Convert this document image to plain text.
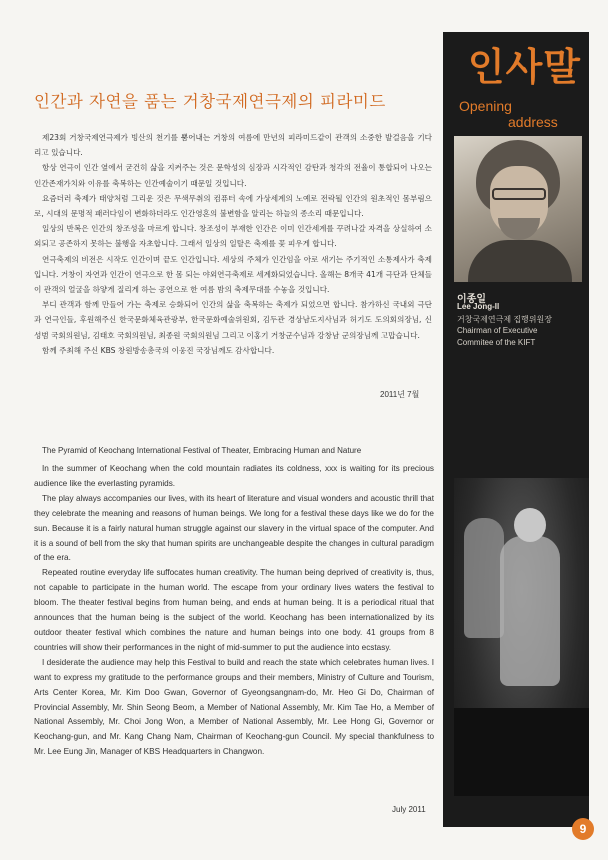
인간과 자연을 품는 거창국제연극제의 피라미드

제23회 거창국제연극제가 빙산의 천기를 뿜어내는 거창의 여름에 만년의 피라미드같이 관객의 소중한 발걸음을 기다리고 있습니다.

항상 연극이 인간 옆에서 굳건히 삶을 지켜주는 것은 문학성의 심장과 시각적인 감탄과 청각의 전율이 통합되어 나오는 인간존재가치와 이유를 축복하는 인간예술이기 때문일 것입니다.

요즘더러 축제가 태양처럼 그리운 것은 무색무취의 컴퓨터 속에 가상세계의 노예로 전락될 인간의 원초적인 몸부림으로, 시대의 문명적 패러다임이 변화하더라도 인간영혼의 불변함을 알리는 하늘의 종소리 때문입니다.

일상의 반복은 인간의 창조성을 마르게 합니다. 창조성이 부재한 인간은 이미 인간세계를 꾸려나갈 자격을 상실하여 소외되고 공존하지 못하는 불행을 자초합니다. 그래서 일상의 일탈은 축제를 꽃 피우게 합니다.

연극축제의 비전은 시작도 인간이며 끝도 인간입니다. 세상의 주체가 인간임을 아로 새기는 주기적인 소통제사가 축제입니다. 거창이 자연과 인간이 연극으로 한 몸 되는 야외연극축제로 세계화되었습니다. 올해는 8개국 41개 극단과 단체들이 관객의 얼굴을 하얗게 질리게 하는 공연으로 한 여름 밤의 축제무대를 수놓을 것입니다.

부디 관객과 함께 만들어 가는 축제로 승화되어 인간의 삶을 축복하는 축제가 되었으면 합니다. 참가하신 국내외 극단과 연극인들, 후원해주신 한국문화체육관광부, 한국문화예술위원회, 김두관 경상남도지사님과 허기도 도의회의장님, 신성범 국회의원님, 김태호 국회의원님, 최종원 국회의원님 그리고 이홍기 거창군수님과 강창남 군의장님께 고맙습니다.

함께 주최해 주신 KBS 창원방송총국의 이웅진 국장님께도 감사합니다.

2011년 7월
The Pyramid of Keochang International Festival of Theater, Embracing Human and Nature

In the summer of Keochang when the cold mountain radiates its coldness, xxx is waiting for its precious audience like the everlasting pyramids.

The play always accompanies our lives, with its heart of literature and visual wonders and acoustic thrill that they celebrate the meaning and reasons of human beings. We long for a festival these days like we do for the sun. Because it is a fairly natural human struggle against our slavery in the virtual space of the computer. And it is a sound of bell from the sky that human spirits are unchangeable despite the changes in cultural paradigm of the era.

Repeated routine everyday life suffocates human creativity. The human being deprived of creativity is, thus, not capable to participate in the human world. The escape from your ordinary lives waters the festival to bloom. The theater festival begins from human being, and ends at human being. It is a periodical ritual that announces that the human being is the subject of the world. Keochang has been internationalized by its outdoor theater festival which combines the nature and human beings into one body. 41 groups from 8 countries will show their performances in the night of mid-summer to put the audience into ecstasy.

I desiderate the audience may help this Festival to build and reach the state which celebrates human lives. I want to express my gratitude to the performance groups and their members, Ministry of Culture and Tourism, Arts Center Korea, Mr. Kim Doo Gwan, Governor of Gyeongsangnam-do, Mr. Heo Gi Do, Chairman of Provincial Assembly, Mr. Shin Seong Beom, a Member of National Assembly, Mr. Kim Tae Ho, a Member of National Assembly, Mr. Choi Jong Won, a Member of National Assembly, Mr. Lee Hong Gi, Governor or Keochang-gun, and Mr. Kang Chang Nam, Chairman of Keochang-gun Council. My special thankfulness to Mr. Lee Eung Jin, Manager of KBS Headquarters in Changwon.

July 2011
인사말
Opening
address
이종일
Lee Jong-Il
거창국제연극제 집행위원장
Chairman of Executive
Commitee of the KIFT
9
